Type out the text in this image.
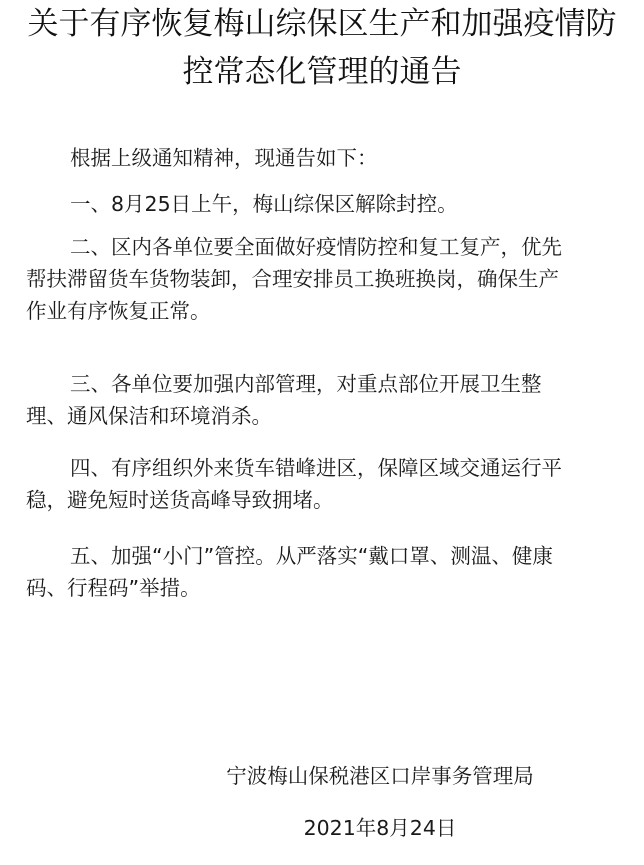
关于有序恢复梅山综保区生产和加强疫情防
控常态化管理的通告
根据上级通知精神，现通告如下：
一、8月25日上午，梅山综保区解除封控。
二、区内各单位要全面做好疫情防控和复工复产，优先
帮扶滞留货车货物装卸，合理安排员工换班换岗，确保生产
作业有序恢复正常。
三、各单位要加强内部管理，对重点部位开展卫生整
理、通风保洁和环境消杀。
四、有序组织外来货车错峰进区，保障区域交通运行平
稳，避免短时送货高峰导致拥堵。
五、加强“小门”管控。从严落实“戴口罩、测温、健康
码、行程码”举措。
宁波梅山保税港区口岸事务管理局
2021年8月24日
